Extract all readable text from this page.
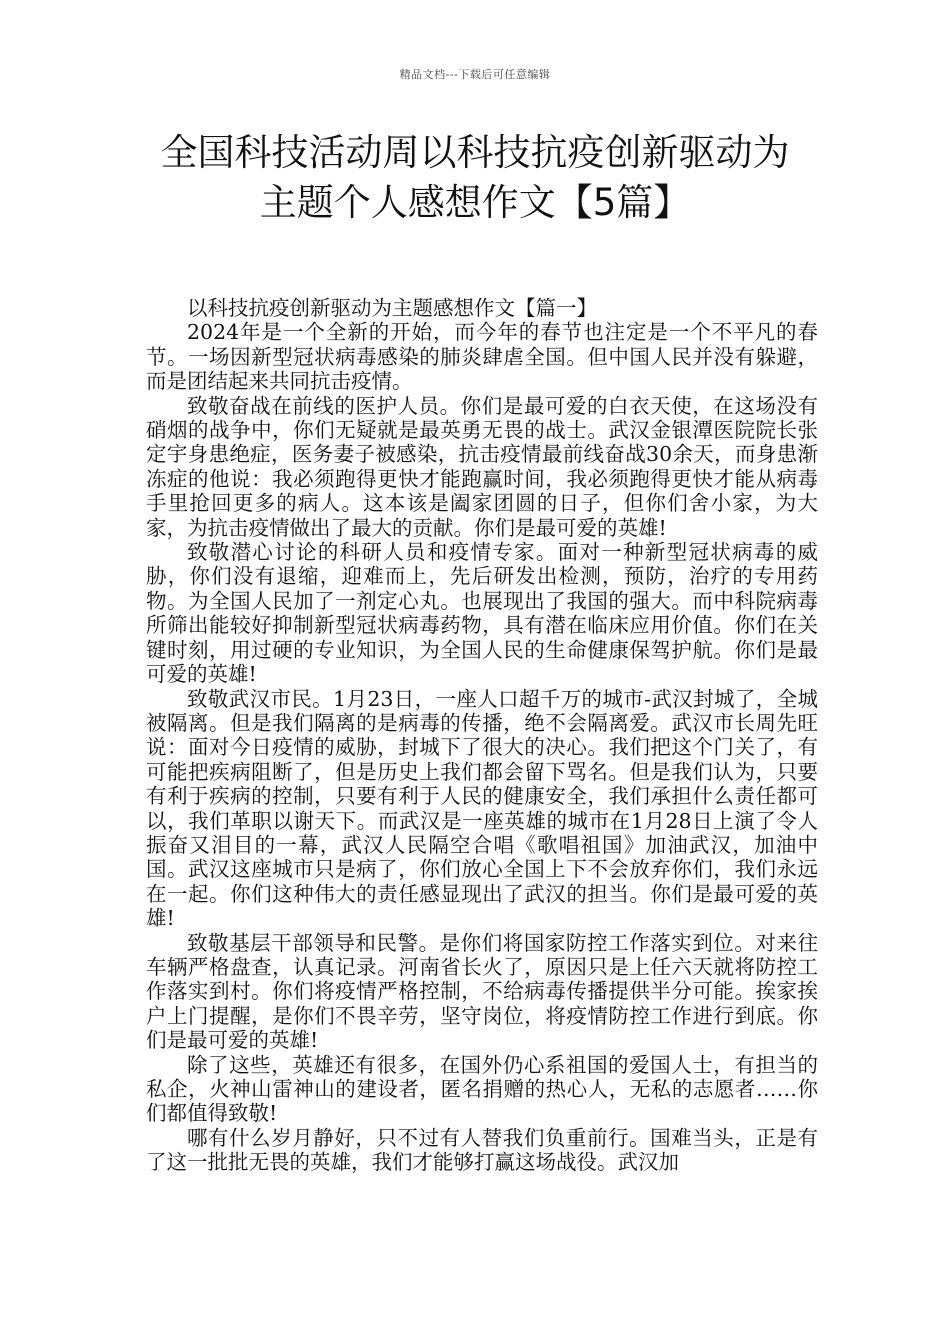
精品文档---下载后可任意编辑
全国科技活动周以科技抗疫创新驱动为
主题个人感想作文【5篇】

以科技抗疫创新驱动为主题感想作文【篇一】

2024年是一个全新的开始，而今年的春节也注定是一个不平凡的春节。一场因新型冠状病毒感染的肺炎肆虐全国。但中国人民并没有躲避，而是团结起来共同抗击疫情。

致敬奋战在前线的医护人员。你们是最可爱的白衣天使，在这场没有硝烟的战争中，你们无疑就是最英勇无畏的战士。武汉金银潭医院院长张定宇身患绝症，医务妻子被感染，抗击疫情最前线奋战30余天，而身患渐冻症的他说：我必须跑得更快才能跑赢时间，我必须跑得更快才能从病毒手里抢回更多的病人。这本该是阖家团圆的日子，但你们舍小家，为大家，为抗击疫情做出了最大的贡献。你们是最可爱的英雄!

致敬潜心讨论的科研人员和疫情专家。面对一种新型冠状病毒的威胁，你们没有退缩，迎难而上，先后研发出检测，预防，治疗的专用药物。为全国人民加了一剂定心丸。也展现出了我国的强大。而中科院病毒所筛出能较好抑制新型冠状病毒药物，具有潜在临床应用价值。你们在关键时刻，用过硬的专业知识，为全国人民的生命健康保驾护航。你们是最可爱的英雄!

致敬武汉市民。1月23日，一座人口超千万的城市-武汉封城了，全城被隔离。但是我们隔离的是病毒的传播，绝不会隔离爱。武汉市长周先旺说：面对今日疫情的威胁，封城下了很大的决心。我们把这个门关了，有可能把疾病阻断了，但是历史上我们都会留下骂名。但是我们认为，只要有利于疾病的控制，只要有利于人民的健康安全，我们承担什么责任都可以，我们革职以谢天下。而武汉是一座英雄的城市在1月28日上演了令人振奋又泪目的一幕，武汉人民隔空合唱《歌唱祖国》加油武汉，加油中国。武汉这座城市只是病了，你们放心全国上下不会放弃你们，我们永远在一起。你们这种伟大的责任感显现出了武汉的担当。你们是最可爱的英雄!

致敬基层干部领导和民警。是你们将国家防控工作落实到位。对来往车辆严格盘查，认真记录。河南省长火了，原因只是上任六天就将防控工作落实到村。你们将疫情严格控制，不给病毒传播提供半分可能。挨家挨户上门提醒，是你们不畏辛劳，坚守岗位，将疫情防控工作进行到底。你们是最可爱的英雄!

除了这些，英雄还有很多，在国外仍心系祖国的爱国人士，有担当的私企，火神山雷神山的建设者，匿名捐赠的热心人，无私的志愿者……你们都值得致敬!

哪有什么岁月静好，只不过有人替我们负重前行。国难当头，正是有了这一批批无畏的英雄，我们才能够打赢这场战役。武汉加
